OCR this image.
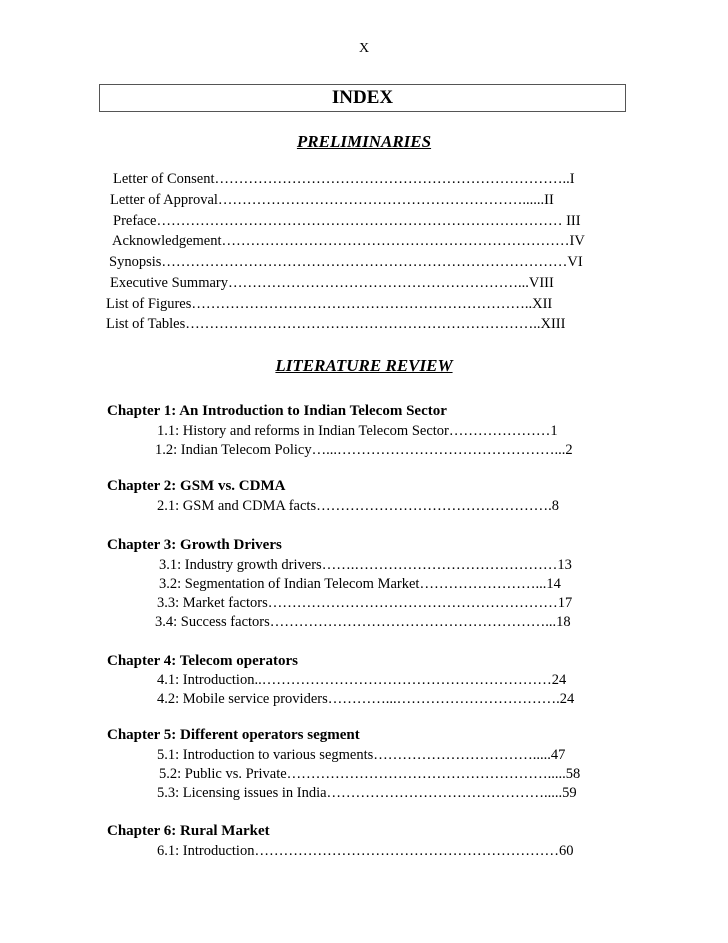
X
INDEX
PRELIMINARIES
Letter of Consent………………………………………………………………..I
Letter of Approval………………………………………………………......II
Preface………………………………………………………………………… III
Acknowledgement………………………………………………………………IV
Synopsis…………………………………………………………………………VI
Executive Summary……………………………………………………...VIII
List of Figures……………………………………………………………..XII
List of Tables………………………………………………………………..XIII
LITERATURE REVIEW
Chapter 1: An Introduction to Indian Telecom Sector
1.1: History and reforms in Indian Telecom Sector…………………1
1.2: Indian Telecom Policy…...………………………………………...2
Chapter 2: GSM vs. CDMA
2.1: GSM and CDMA facts………………………………………….8
Chapter 3: Growth Drivers
3.1: Industry growth drivers…….……………………………………13
3.2: Segmentation of Indian Telecom Market……………………...14
3.3: Market factors……………………………………………………17
3.4: Success factors…………………………………………………...18
Chapter 4: Telecom operators
4.1: Introduction..……………………………………………………24
4.2: Mobile service providers…………...…………………………….24
Chapter 5: Different operators segment
5.1: Introduction to various segments…………………………….....47
5.2: Public vs. Private……………………………………………….....58
5.3: Licensing issues in India……………………………………….....59
Chapter 6: Rural Market
6.1: Introduction………………………………………………………60
